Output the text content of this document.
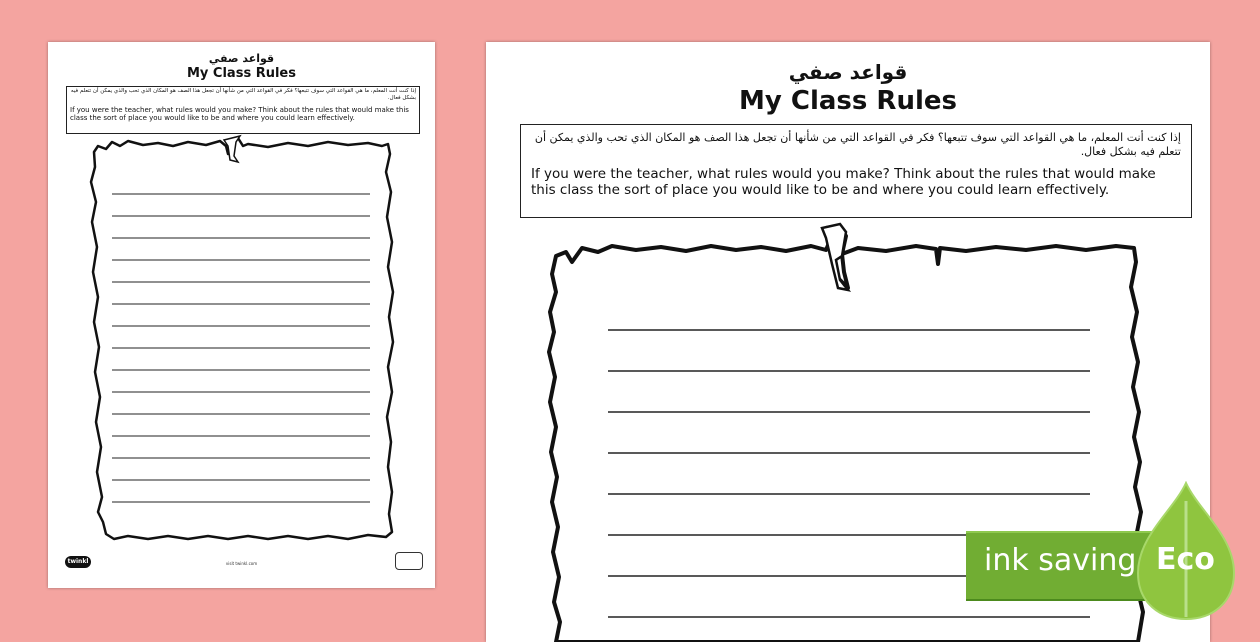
قواعد صفي
My Class Rules
إذا كنت أنت المعلم، ما هي القواعد التي سوف تتبعها؟ فكر في القواعد التي من شأنها أن تجعل هذا الصف هو المكان الذي تحب والذي يمكن أن تتعلم فيه بشكل فعال.
If you were the teacher, what rules would you make? Think about the rules that would make this class the sort of place you would like to be and where you could learn effectively.
twinkl	visit twinkl.com
قواعد صفي
My Class Rules
إذا كنت أنت المعلم، ما هي القواعد التي سوف تتبعها؟ فكر في القواعد التي من شأنها أن تجعل هذا الصف هو المكان الذي تحب والذي يمكن أن تتعلم فيه بشكل فعال.
If you were the teacher, what rules would you make? Think about the rules that would make this class the sort of place you would like to be and where you could learn effectively.
ink saving Eco
